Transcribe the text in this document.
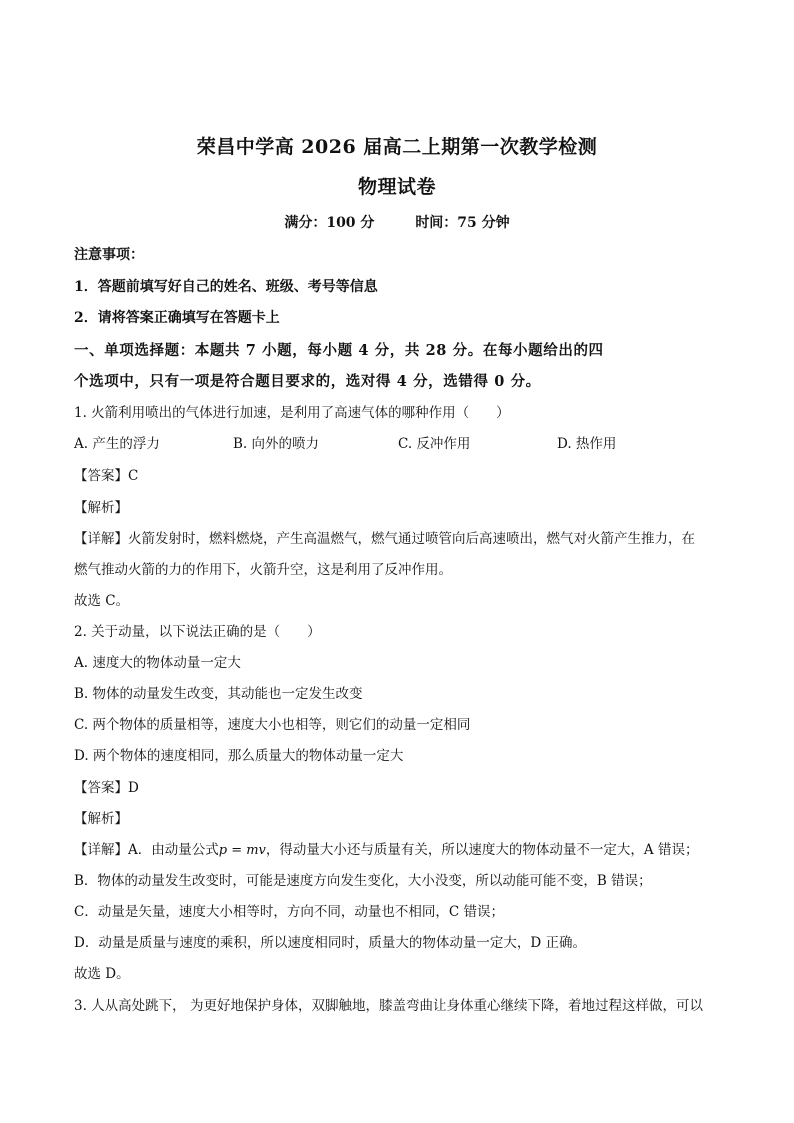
荣昌中学高 2026 届高二上期第一次教学检测
物理试卷
满分：100 分	时间：75 分钟
注意事项：
1．答题前填写好自己的姓名、班级、考号等信息
2．请将答案正确填写在答题卡上
一、单项选择题：本题共 7 小题，每小题 4 分，共 28 分。在每小题给出的四
个选项中，只有一项是符合题目要求的，选对得 4 分，选错得 0 分。
1. 火箭利用喷出的气体进行加速，是利用了高速气体的哪种作用（　　）
A. 产生的浮力	B. 向外的喷力	C. 反冲作用	D. 热作用
【答案】C
【解析】
【详解】火箭发射时，燃料燃烧，产生高温燃气，燃气通过喷管向后高速喷出，燃气对火箭产生推力，在
燃气推动火箭的力的作用下，火箭升空，这是利用了反冲作用。
故选 C。
2. 关于动量，以下说法正确的是（　　）
A. 速度大的物体动量一定大
B. 物体的动量发生改变，其动能也一定发生改变
C. 两个物体的质量相等，速度大小也相等，则它们的动量一定相同
D. 两个物体的速度相同，那么质量大的物体动量一定大
【答案】D
【解析】
【详解】A．由动量公式p = mv，得动量大小还与质量有关，所以速度大的物体动量不一定大，A 错误；
B．物体的动量发生改变时，可能是速度方向发生变化，大小没变，所以动能可能不变，B 错误；
C．动量是矢量，速度大小相等时，方向不同，动量也不相同，C 错误；
D．动量是质量与速度的乘积，所以速度相同时，质量大的物体动量一定大，D 正确。
故选 D。
3. 人从高处跳下， 为更好地保护身体，双脚触地，膝盖弯曲让身体重心继续下降，着地过程这样做，可以
